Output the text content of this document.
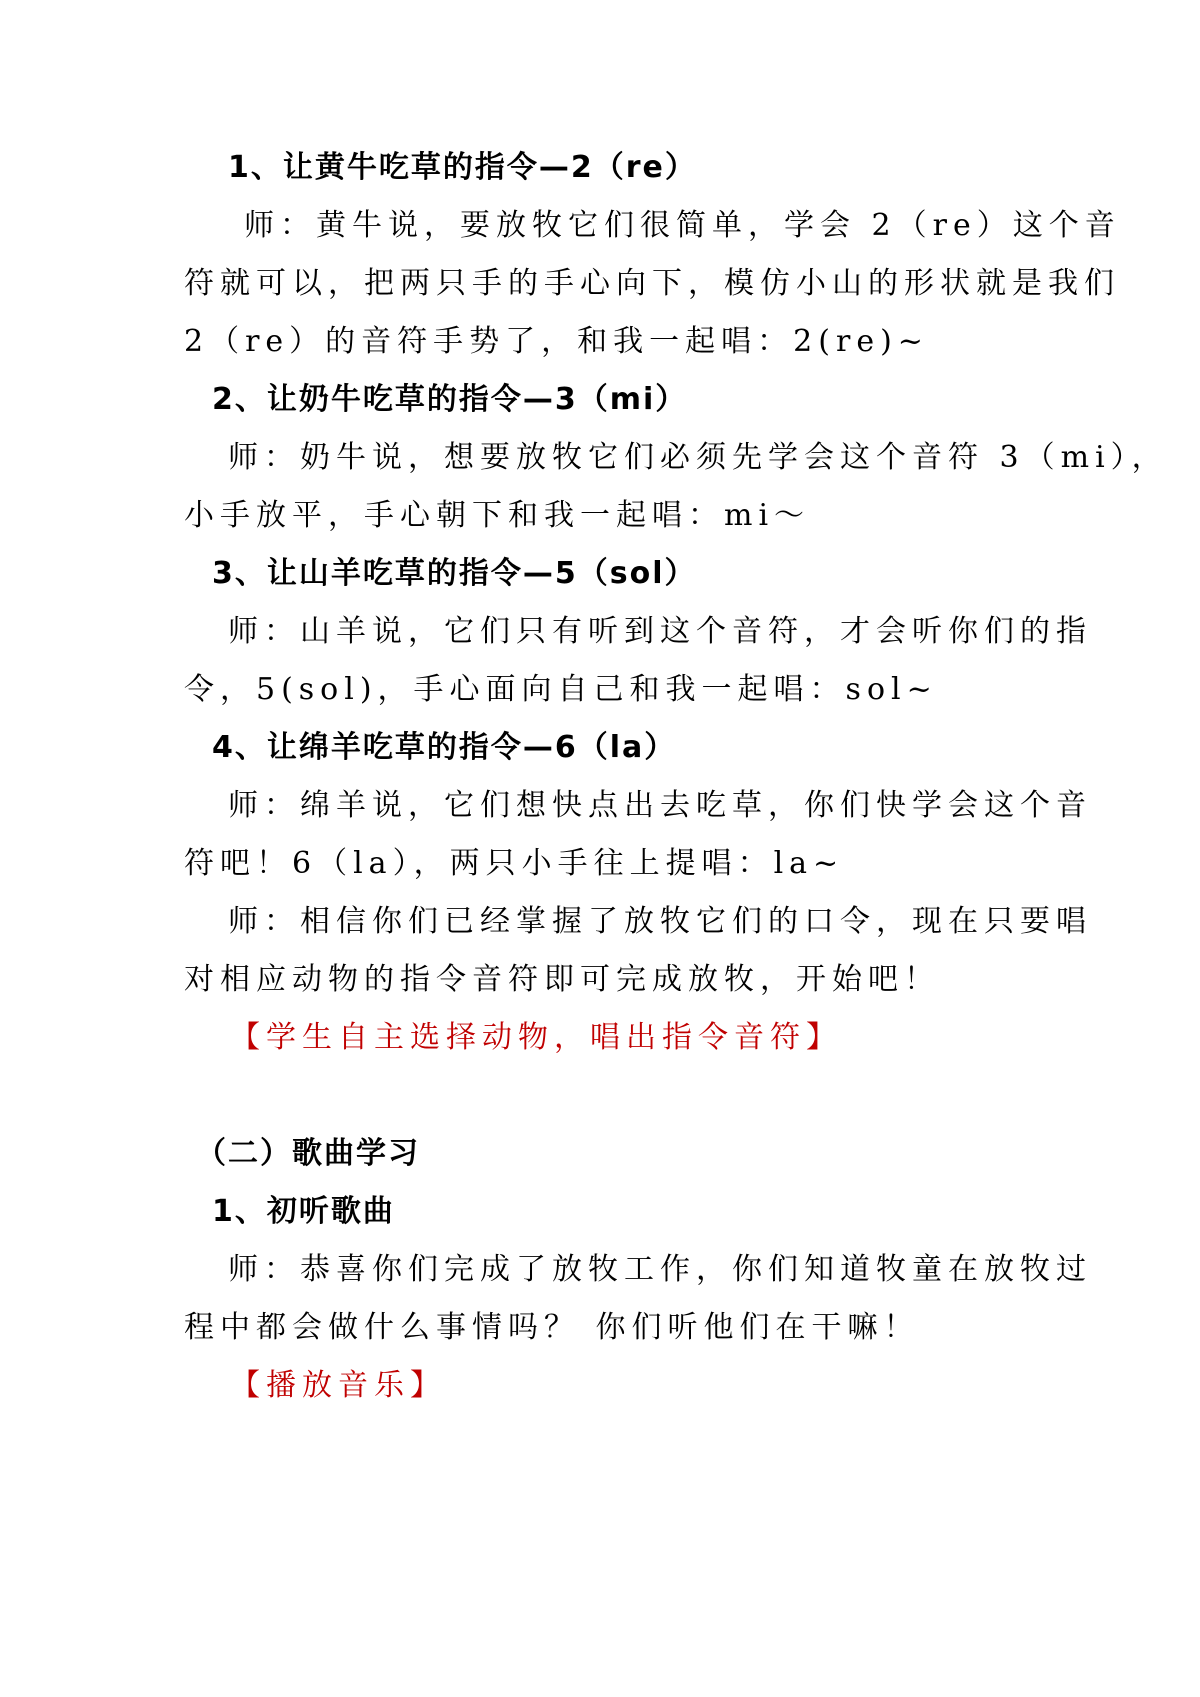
1、让黄牛吃草的指令—2（re）
师：黄牛说，要放牧它们很简单，学会 2（re）这个音
符就可以，把两只手的手心向下，模仿小山的形状就是我们
2（re）的音符手势了，和我一起唱：2(re)~
2、让奶牛吃草的指令—3（mi）
师：奶牛说，想要放牧它们必须先学会这个音符 3（mi），
小手放平，手心朝下和我一起唱：mi～
3、让山羊吃草的指令—5（sol）
师：山羊说，它们只有听到这个音符，才会听你们的指
令，5(sol)，手心面向自己和我一起唱：sol~
4、让绵羊吃草的指令—6（la）
师：绵羊说，它们想快点出去吃草，你们快学会这个音
符吧！6（la），两只小手往上提唱：la~
师：相信你们已经掌握了放牧它们的口令，现在只要唱
对相应动物的指令音符即可完成放牧，开始吧！
【学生自主选择动物，唱出指令音符】
（二）歌曲学习
1、初听歌曲
师：恭喜你们完成了放牧工作，你们知道牧童在放牧过
程中都会做什么事情吗？ 你们听他们在干嘛！
【播放音乐】
